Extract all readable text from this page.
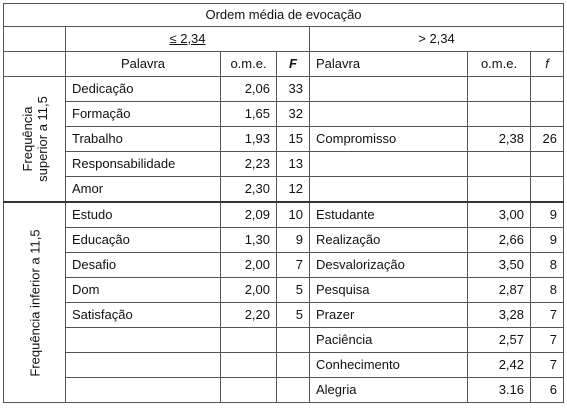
Ordem média de evocação						
	≤ 2,34			> 2,34		
	Palavra	o.m.e.	F	Palavra	o.m.e.	f

Frequência superior a 11,5	Dedicação	2,06	33			
	Formação	1,65	32			
	Trabalho	1,93	15	Compromisso	2,38	26
	Responsabilidade	2,23	13			
	Amor	2,30	12			

Frequência inferior a 11,5	Estudo	2,09	10	Estudante	3,00	9
	Educação	1,30	9	Realização	2,66	9
	Desafio	2,00	7	Desvalorização	3,50	8
	Dom	2,00	5	Pesquisa	2,87	8
	Satisfação	2,20	5	Prazer	3,28	7
				Paciência	2,57	7
				Conhecimento	2,42	7
				Alegria	3.16	6
